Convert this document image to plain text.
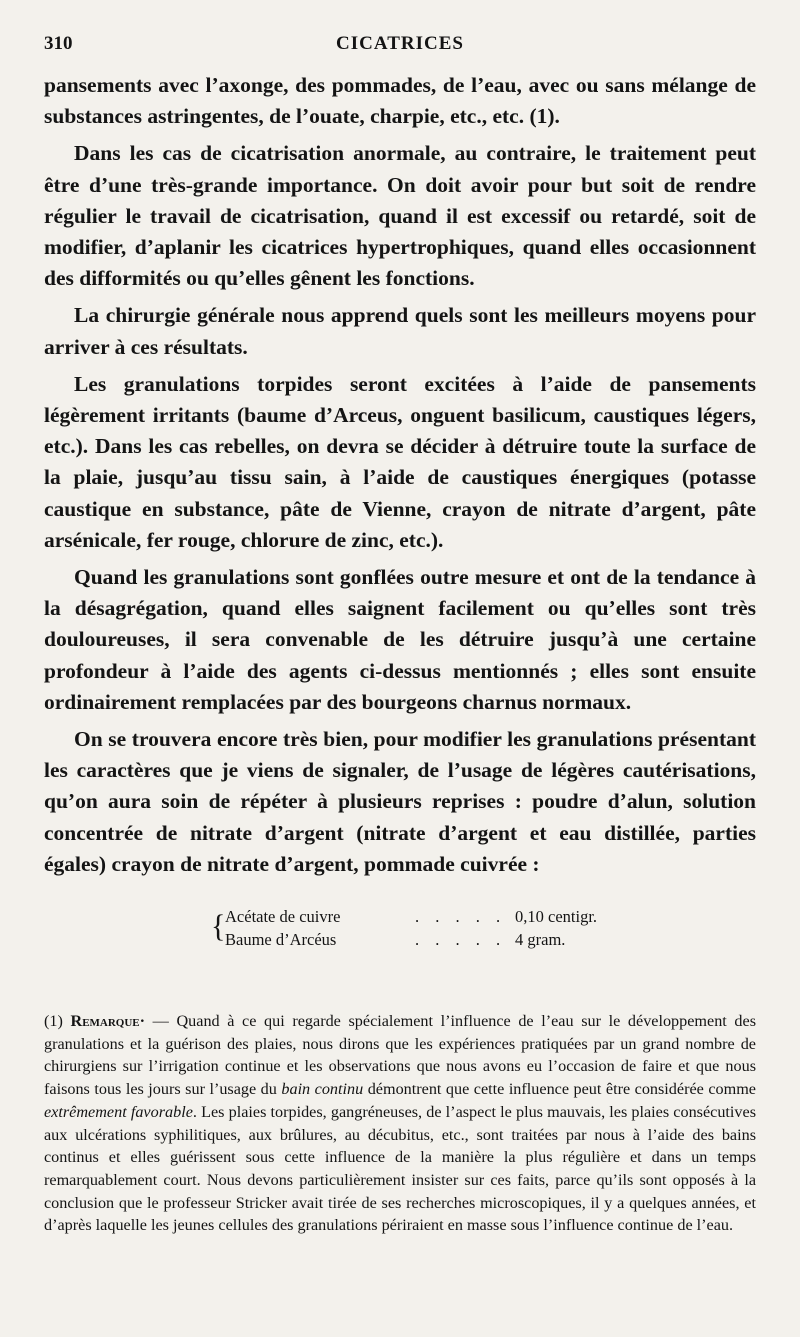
310	CICATRICES

pansements avec l’axonge, des pommades, de l’eau, avec ou sans mélange de substances astringentes, de l’ouate, charpie, etc., etc. (1).

Dans les cas de cicatrisation anormale, au contraire, le traitement peut être d’une très-grande importance. On doit avoir pour but soit de rendre régulier le travail de cicatrisation, quand il est excessif ou retardé, soit de modifier, d’aplanir les cicatrices hypertrophiques, quand elles occasionnent des difformités ou qu’elles gênent les fonctions.

La chirurgie générale nous apprend quels sont les meilleurs moyens pour arriver à ces résultats.

Les granulations torpides seront excitées à l’aide de pansements légèrement irritants (baume d’Arceus, onguent basilicum, caustiques légers, etc.). Dans les cas rebelles, on devra se décider à détruire toute la surface de la plaie, jusqu’au tissu sain, à l’aide de caustiques énergiques (potasse caustique en substance, pâte de Vienne, crayon de nitrate d’argent, pâte arsénicale, fer rouge, chlorure de zinc, etc.).

Quand les granulations sont gonflées outre mesure et ont de la tendance à la désagrégation, quand elles saignent facilement ou qu’elles sont très douloureuses, il sera convenable de les détruire jusqu’à une certaine profondeur à l’aide des agents ci-dessus mentionnés ; elles sont ensuite ordinairement remplacées par des bourgeons charnus normaux.

On se trouvera encore très bien, pour modifier les granulations présentant les caractères que je viens de signaler, de l’usage de légères cautérisations, qu’on aura soin de répéter à plusieurs reprises : poudre d’alun, solution concentrée de nitrate d’argent (nitrate d’argent et eau distillée, parties égales) crayon de nitrate d’argent, pommade cuivrée :

{ Acétate de cuivre	. . . . . 0,10 centigr.
Baume d’Arcéus	. . . . . 4 gram.

(1) Remarque· — Quand à ce qui regarde spécialement l’influence de l’eau sur le développement des granulations et la guérison des plaies, nous dirons que les expériences pratiquées par un grand nombre de chirurgiens sur l’irrigation continue et les observations que nous avons eu l’occasion de faire et que nous faisons tous les jours sur l’usage du bain continu démontrent que cette influence peut être considérée comme extrêmement favorable. Les plaies torpides, gangréneuses, de l’aspect le plus mauvais, les plaies consécutives aux ulcérations syphilitiques, aux brûlures, au décubitus, etc., sont traitées par nous à l’aide des bains continus et elles guérissent sous cette influence de la manière la plus régulière et dans un temps remarquablement court. Nous devons particulièrement insister sur ces faits, parce qu’ils sont opposés à la conclusion que le professeur Stricker avait tirée de ses recherches microscopiques, il y a quelques années, et d’après laquelle les jeunes cellules des granulations périraient en masse sous l’influence continue de l’eau.
